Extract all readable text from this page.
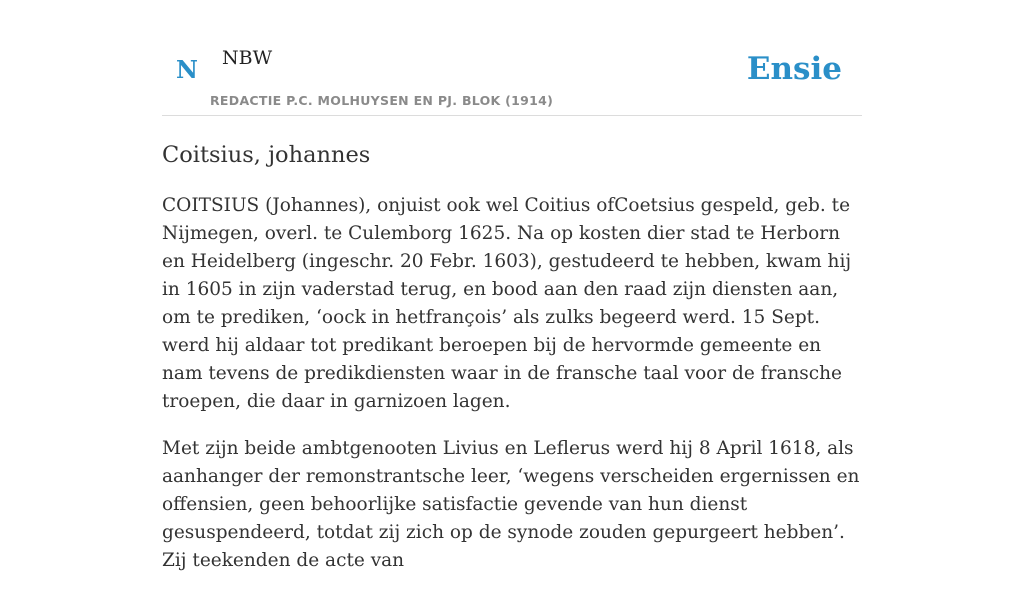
N NBW
REDACTIE P.C. MOLHUYSEN EN PJ. BLOK (1914)
Ensie
Coitsius, johannes

COITSIUS (Johannes), onjuist ook wel Coitius ofCoetsius gespeld, geb. te Nijmegen, overl. te Culemborg 1625. Na op kosten dier stad te Herborn en Heidelberg (ingeschr. 20 Febr. 1603), gestudeerd te hebben, kwam hij in 1605 in zijn vaderstad terug, en bood aan den raad zijn diensten aan, om te prediken, ‘oock in hetfrançois’ als zulks begeerd werd. 15 Sept. werd hij aldaar tot predikant beroepen bij de hervormde gemeente en nam tevens de predikdiensten waar in de fransche taal voor de fransche troepen, die daar in garnizoen lagen.

Met zijn beide ambtgenooten Livius en Leflerus werd hij 8 April 1618, als aanhanger der remonstrantsche leer, ‘wegens verscheiden ergernissen en offensien, geen behoorlijke satisfactie gevende van hun dienst gesuspendeerd, totdat zij zich op de synode zouden gepurgeert hebben’. Zij teekenden de acte van
